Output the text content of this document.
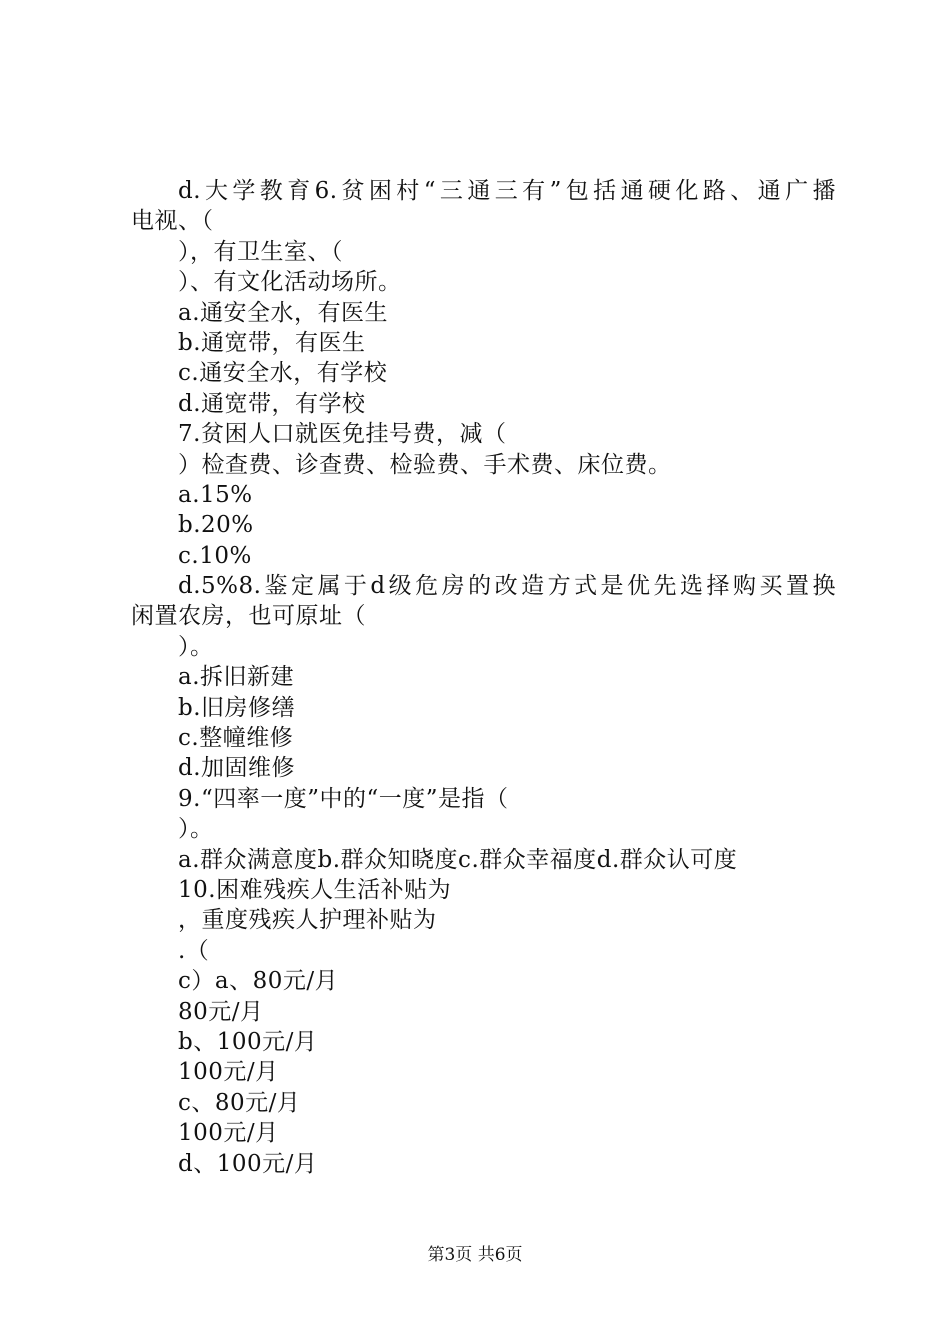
d.大学教育6.贫困村“三通三有”包括通硬化路、通广播
电视、（
），有卫生室、（
）、有文化活动场所。
a.通安全水，有医生
b.通宽带，有医生
c.通安全水，有学校
d.通宽带，有学校
7.贫困人口就医免挂号费，减（
）检查费、诊查费、检验费、手术费、床位费。
a.15%
b.20%
c.10%
d.5%8.鉴定属于d级危房的改造方式是优先选择购买置换
闲置农房，也可原址（
）。
a.拆旧新建
b.旧房修缮
c.整幢维修
d.加固维修
9.“四率一度”中的“一度”是指（
）。
a.群众满意度b.群众知晓度c.群众幸福度d.群众认可度
10.困难残疾人生活补贴为
，重度残疾人护理补贴为
.（
c）a、80元/月
80元/月
b、100元/月
100元/月
c、80元/月
100元/月
d、100元/月
第3页 共6页
